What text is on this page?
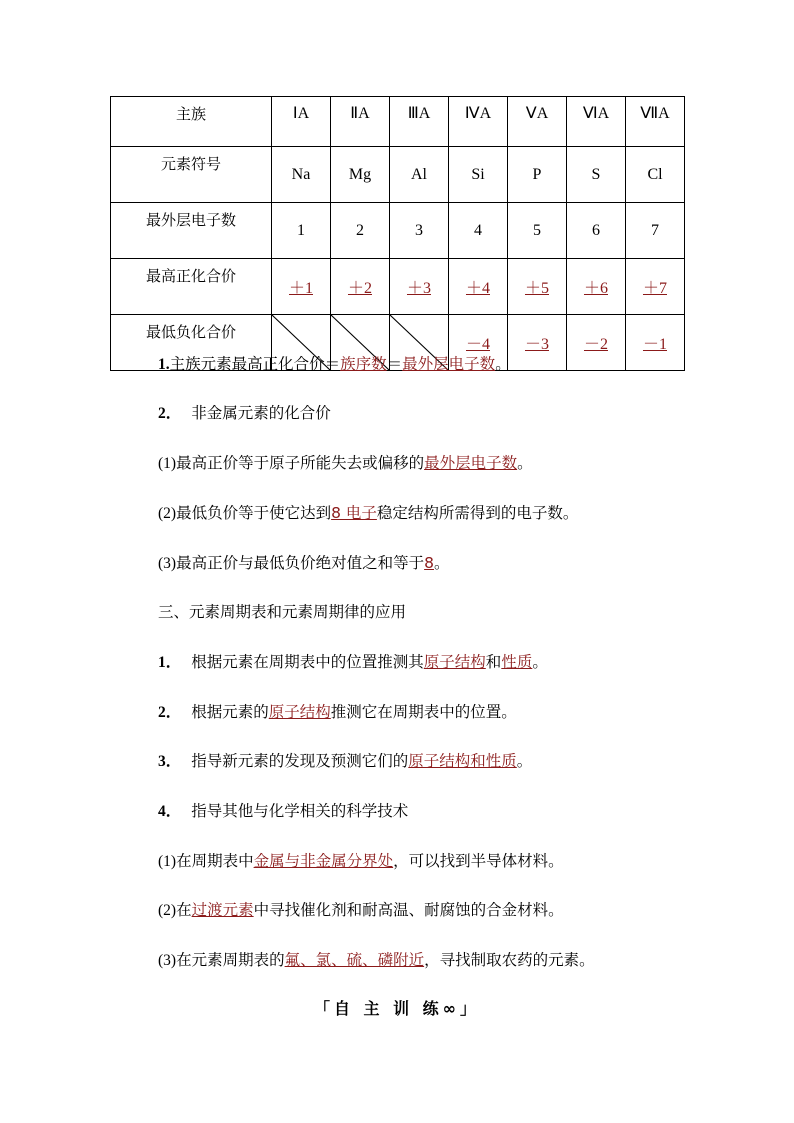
主族	ⅠA	ⅡA	ⅢA	ⅣA	ⅤA	ⅥA	ⅦA
元素符号	Na	Mg	Al	Si	P	S	Cl
最外层电子数	1	2	3	4	5	6	7
最高正化合价	＋1	＋2	＋3	＋4	＋5	＋6	＋7
最低负化合价				－4	－3	－2	－1
1.主族元素最高正化合价＝族序数＝最外层电子数。
2． 非金属元素的化合价
(1)最高正价等于原子所能失去或偏移的最外层电子数。
(2)最低负价等于使它达到8 电子稳定结构所需得到的电子数。
(3)最高正价与最低负价绝对值之和等于8。
三、元素周期表和元素周期律的应用
1． 根据元素在周期表中的位置推测其原子结构和性质。
2． 根据元素的原子结构推测它在周期表中的位置。
3． 指导新元素的发现及预测它们的原子结构和性质。
4． 指导其他与化学相关的科学技术
(1)在周期表中金属与非金属分界处，可以找到半导体材料。
(2)在过渡元素中寻找催化剂和耐高温、耐腐蚀的合金材料。
(3)在元素周期表的氟、氯、硫、磷附近，寻找制取农药的元素。
「自 主 训 练∞」
